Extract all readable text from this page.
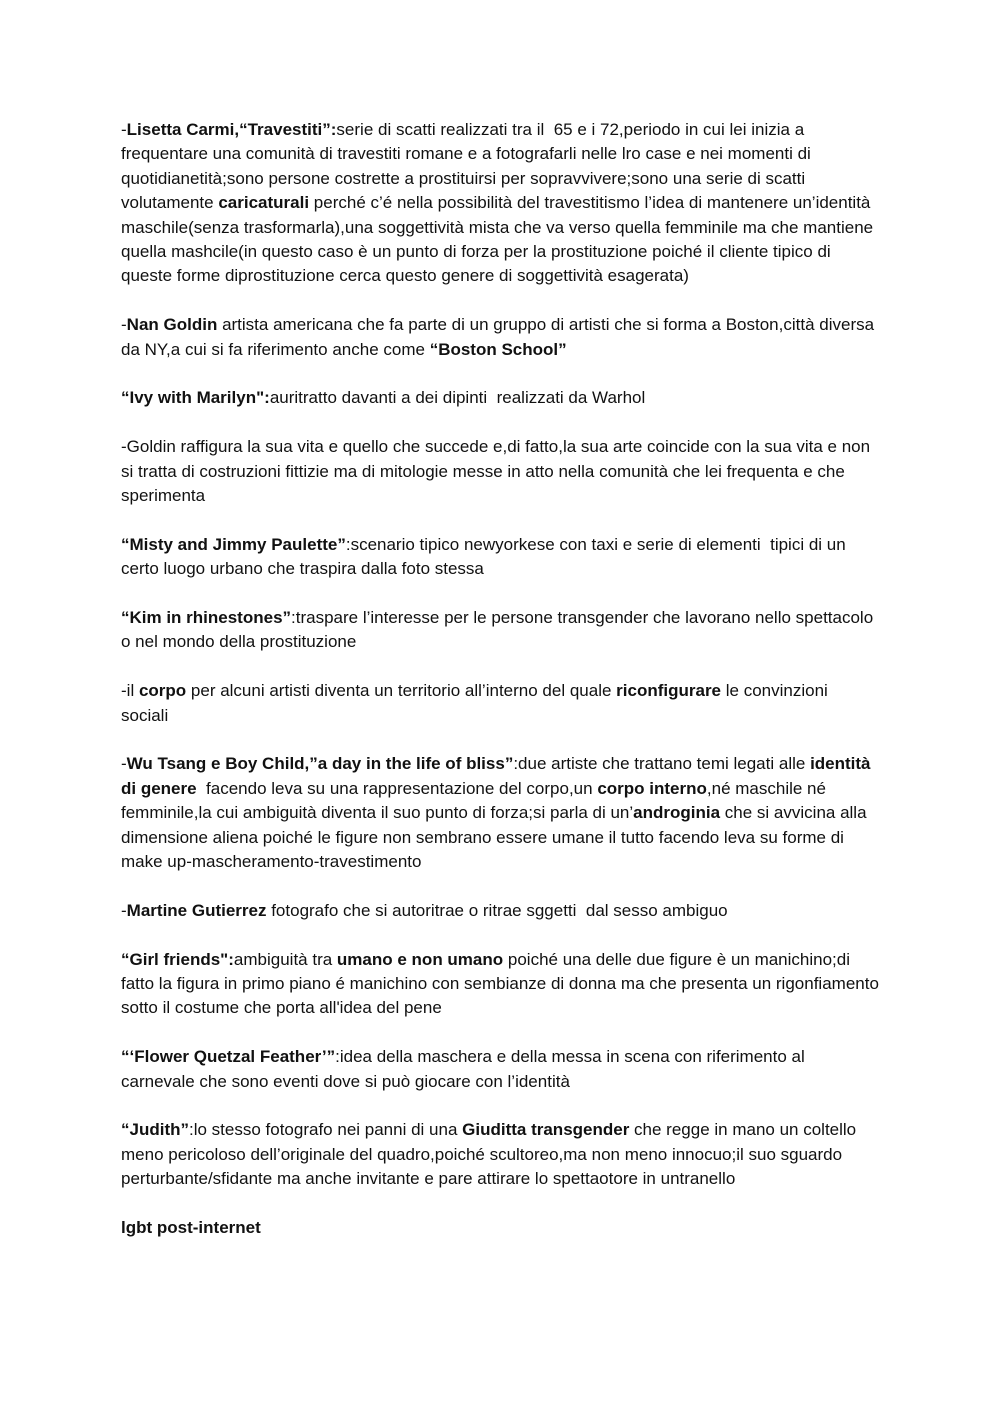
-Lisetta Carmi,“Travestiti”:serie di scatti realizzati tra il  65 e i 72,periodo in cui lei inizia a frequentare una comunità di travestiti romane e a fotografarli nelle lro case e nei momenti di quotidianetità;sono persone costrette a prostituirsi per sopravvivere;sono una serie di scatti volutamente caricaturali perché c’é nella possibilità del travestitismo l’idea di mantenere un’identità maschile(senza trasformarla),una soggettività mista che va verso quella femminile ma che mantiene quella mashcile(in questo caso è un punto di forza per la prostituzione poiché il cliente tipico di queste forme diprostituzione cerca questo genere di soggettività esagerata)

-Nan Goldin artista americana che fa parte di un gruppo di artisti che si forma a Boston,città diversa da NY,a cui si fa riferimento anche come “Boston School”

“Ivy with Marilyn":auritratto davanti a dei dipinti  realizzati da Warhol

-Goldin raffigura la sua vita e quello che succede e,di fatto,la sua arte coincide con la sua vita e non si tratta di costruzioni fittizie ma di mitologie messe in atto nella comunità che lei frequenta e che sperimenta

“Misty and Jimmy Paulette”:scenario tipico newyorkese con taxi e serie di elementi  tipici di un certo luogo urbano che traspira dalla foto stessa

“Kim in rhinestones”:traspare l’interesse per le persone transgender che lavorano nello spettacolo o nel mondo della prostituzione

-il corpo per alcuni artisti diventa un territorio all’interno del quale riconfigurare le convinzioni  sociali

-Wu Tsang e Boy Child,”a day in the life of bliss”:due artiste che trattano temi legati alle identità di genere  facendo leva su una rappresentazione del corpo,un corpo interno,né maschile né femminile,la cui ambiguità diventa il suo punto di forza;si parla di un’androginia che si avvicina alla dimensione aliena poiché le figure non sembrano essere umane il tutto facendo leva su forme di make up-mascheramento-travestimento

-Martine Gutierrez fotografo che si autoritrae o ritrae sggetti  dal sesso ambiguo

“Girl friends":ambiguità tra umano e non umano poiché una delle due figure è un manichino;di fatto la figura in primo piano é manichino con sembianze di donna ma che presenta un rigonfiamento sotto il costume che porta all'idea del pene

“‘Flower Quetzal Feather’”:idea della maschera e della messa in scena con riferimento al carnevale che sono eventi dove si può giocare con l’identità

“Judith”:lo stesso fotografo nei panni di una Giuditta transgender che regge in mano un coltello meno pericoloso dell’originale del quadro,poiché scultoreo,ma non meno innocuo;il suo sguardo perturbante/sfidante ma anche invitante e pare attirare lo spettaotore in untranello

lgbt post-internet
